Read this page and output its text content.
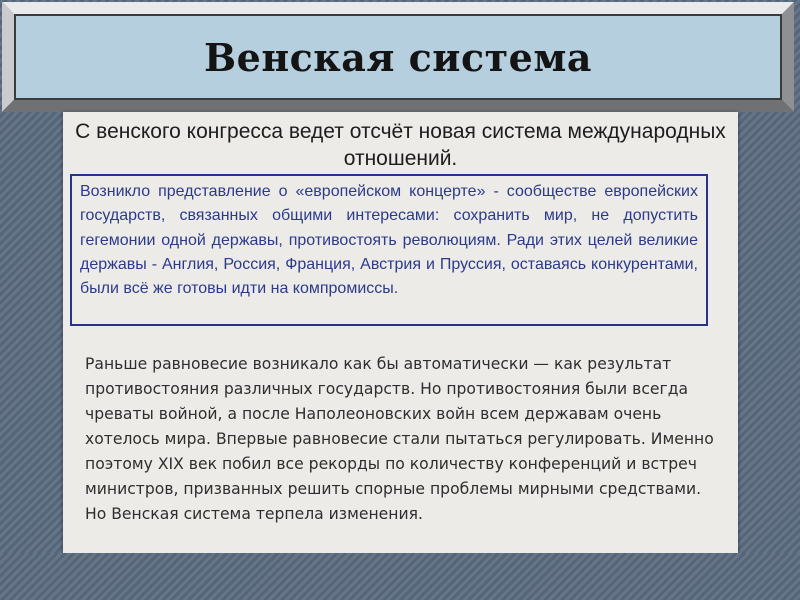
Венская система

С венского конгресса ведет отсчёт новая система международных отношений.

Возникло представление о «европейском концерте» - сообществе европейских государств, связанных общими интересами: сохранить мир, не допустить гегемонии одной державы, противостоять революциям. Ради этих целей великие державы - Англия, Россия, Франция, Австрия и Пруссия, оставаясь конкурентами, были всё же готовы идти на компромиссы.

Раньше равновесие возникало как бы автоматически — как результат противостояния различных государств. Но противостояния были всегда чреваты войной, а после Наполеоновских войн всем державам очень хотелось мира. Впервые равновесие стали пытаться регулировать. Именно поэтому XIX век побил все рекорды по количеству конференций и встреч министров, призванных решить спорные проблемы мирными средствами. Но Венская система терпела изменения.
